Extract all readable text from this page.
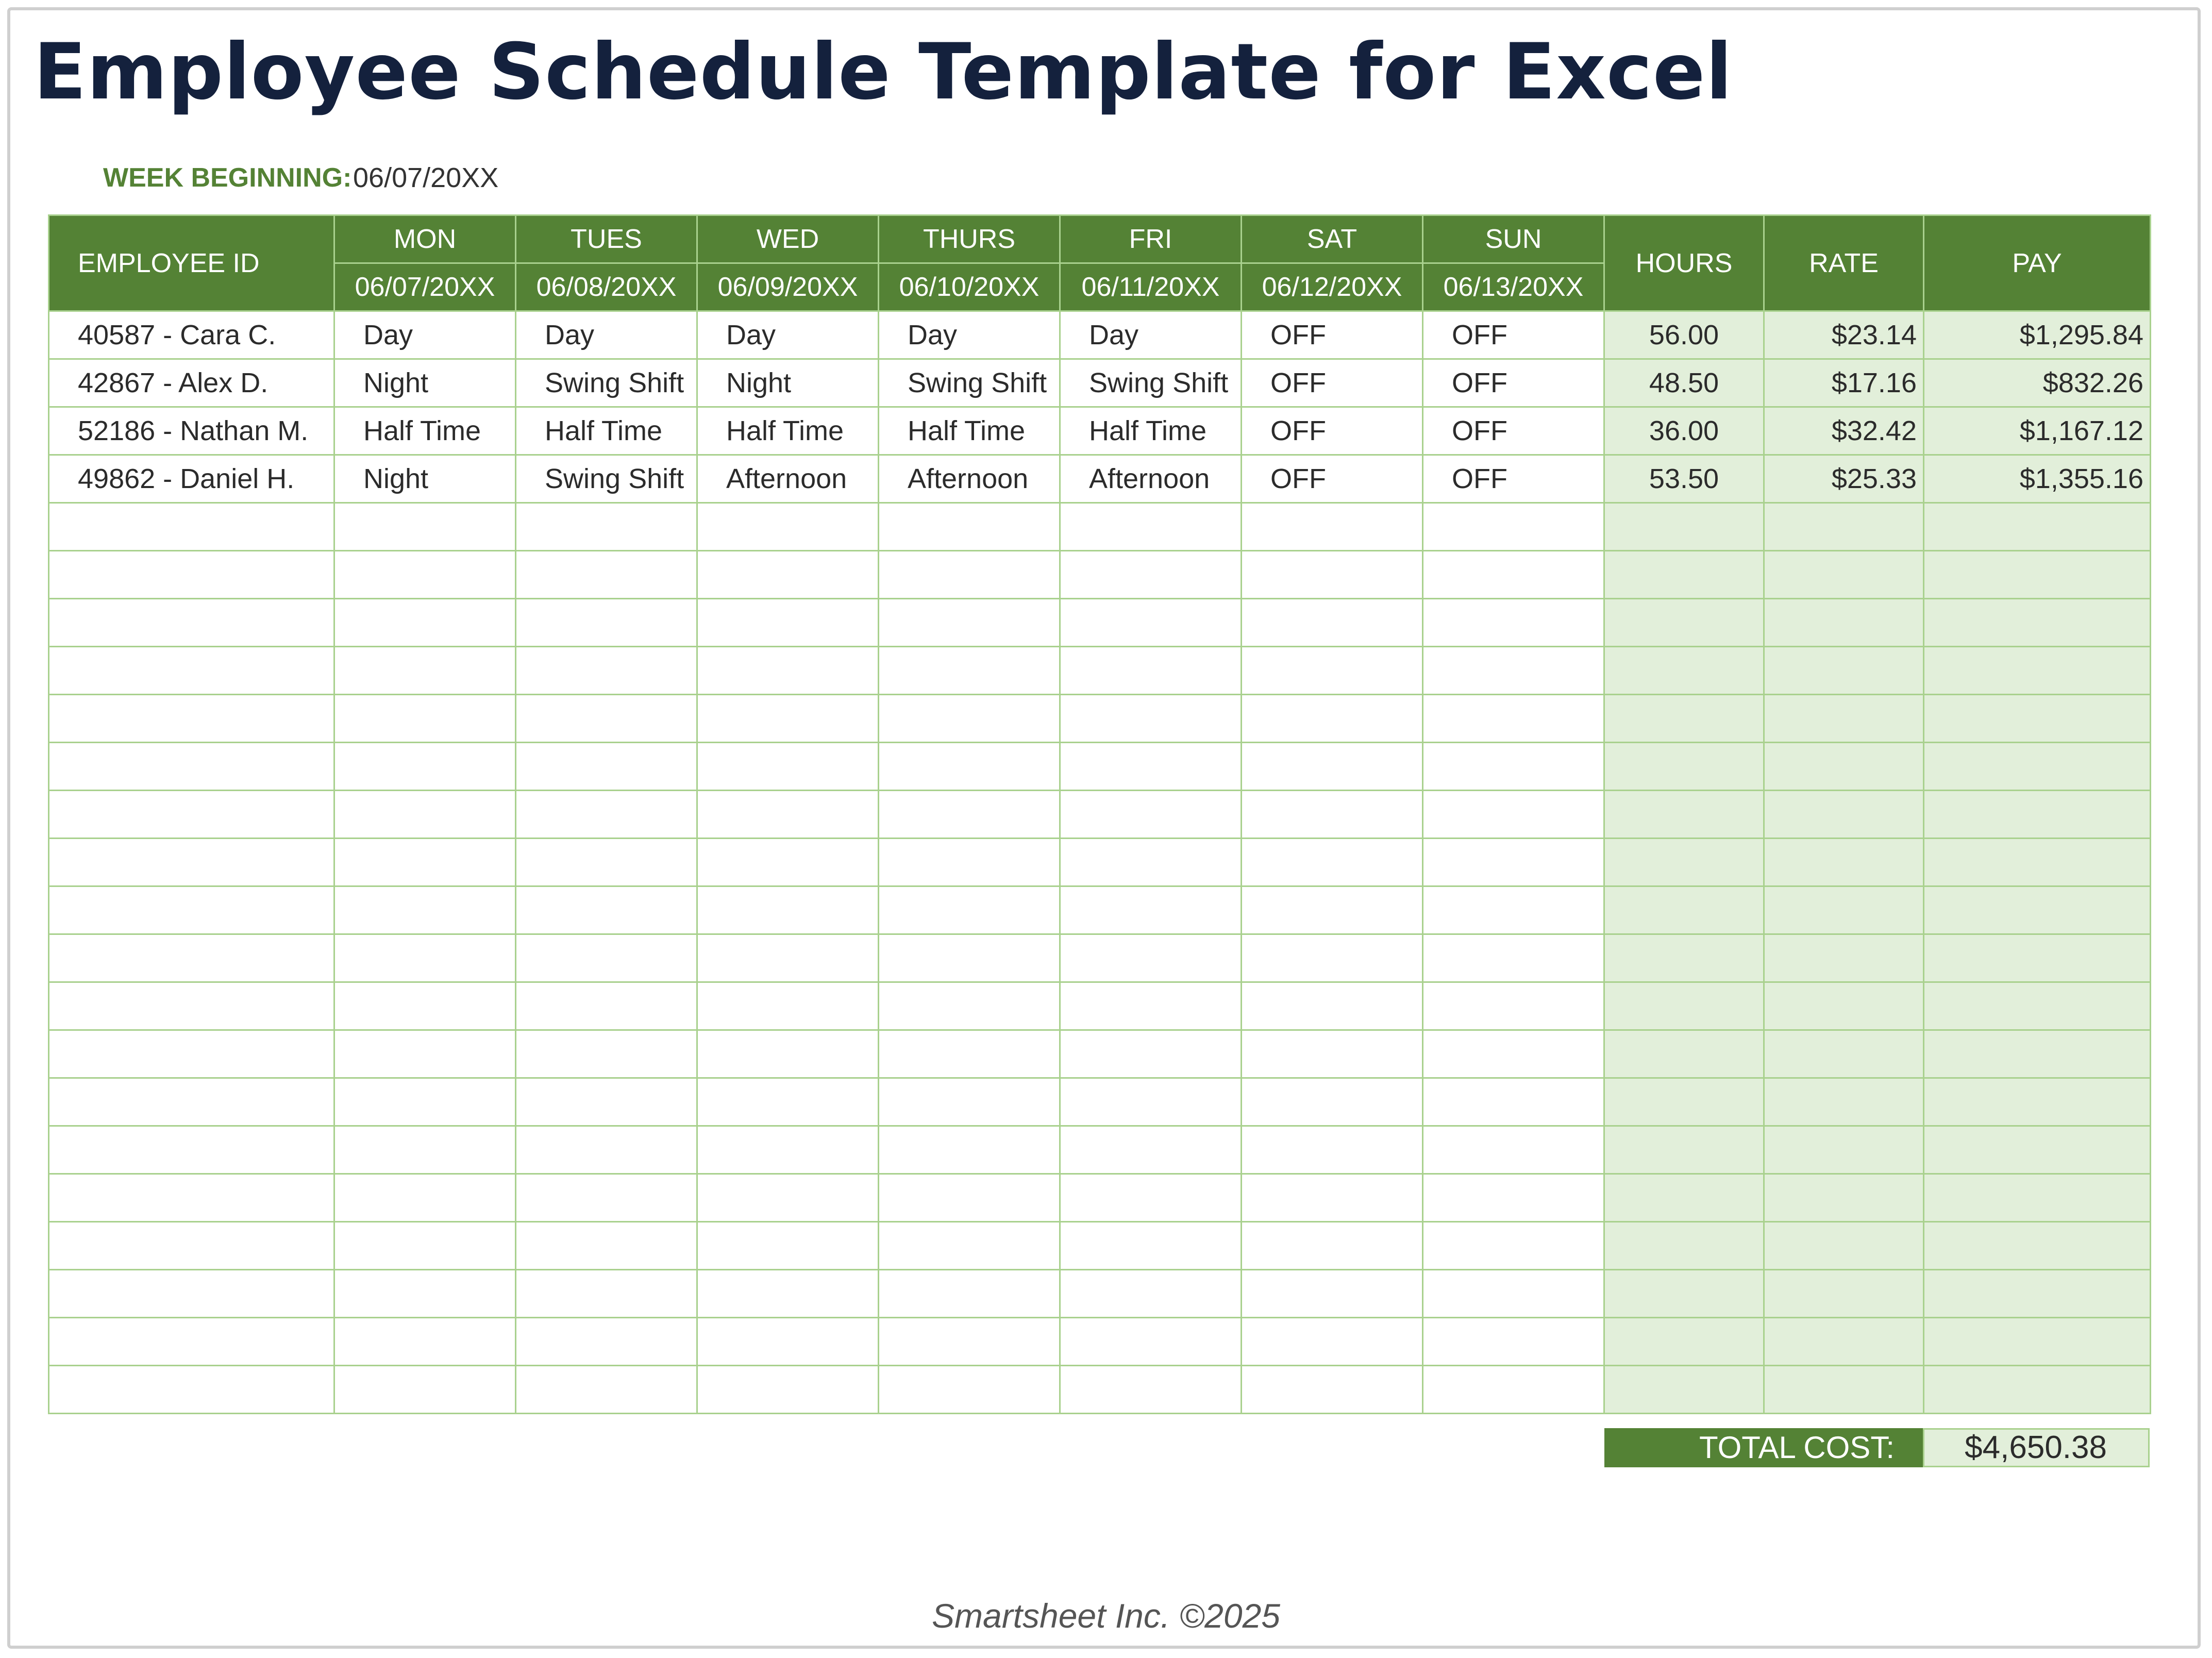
Employee Schedule Template for Excel
WEEK BEGINNING: 06/07/20XX
EMPLOYEE ID	MON	TUES	WED	THURS	FRI	SAT	SUN	HOURS	RATE	PAY
	06/07/20XX	06/08/20XX	06/09/20XX	06/10/20XX	06/11/20XX	06/12/20XX	06/13/20XX			
40587 - Cara C.	Day	Day	Day	Day	Day	OFF	OFF	56.00	$23.14	$1,295.84
42867 - Alex D.	Night	Swing Shift	Night	Swing Shift	Swing Shift	OFF	OFF	48.50	$17.16	$832.26
52186 - Nathan M.	Half Time	Half Time	Half Time	Half Time	Half Time	OFF	OFF	36.00	$32.42	$1,167.12
49862 - Daniel H.	Night	Swing Shift	Afternoon	Afternoon	Afternoon	OFF	OFF	53.50	$25.33	$1,355.16

TOTAL COST:	$4,650.38
Smartsheet Inc. ©2025
